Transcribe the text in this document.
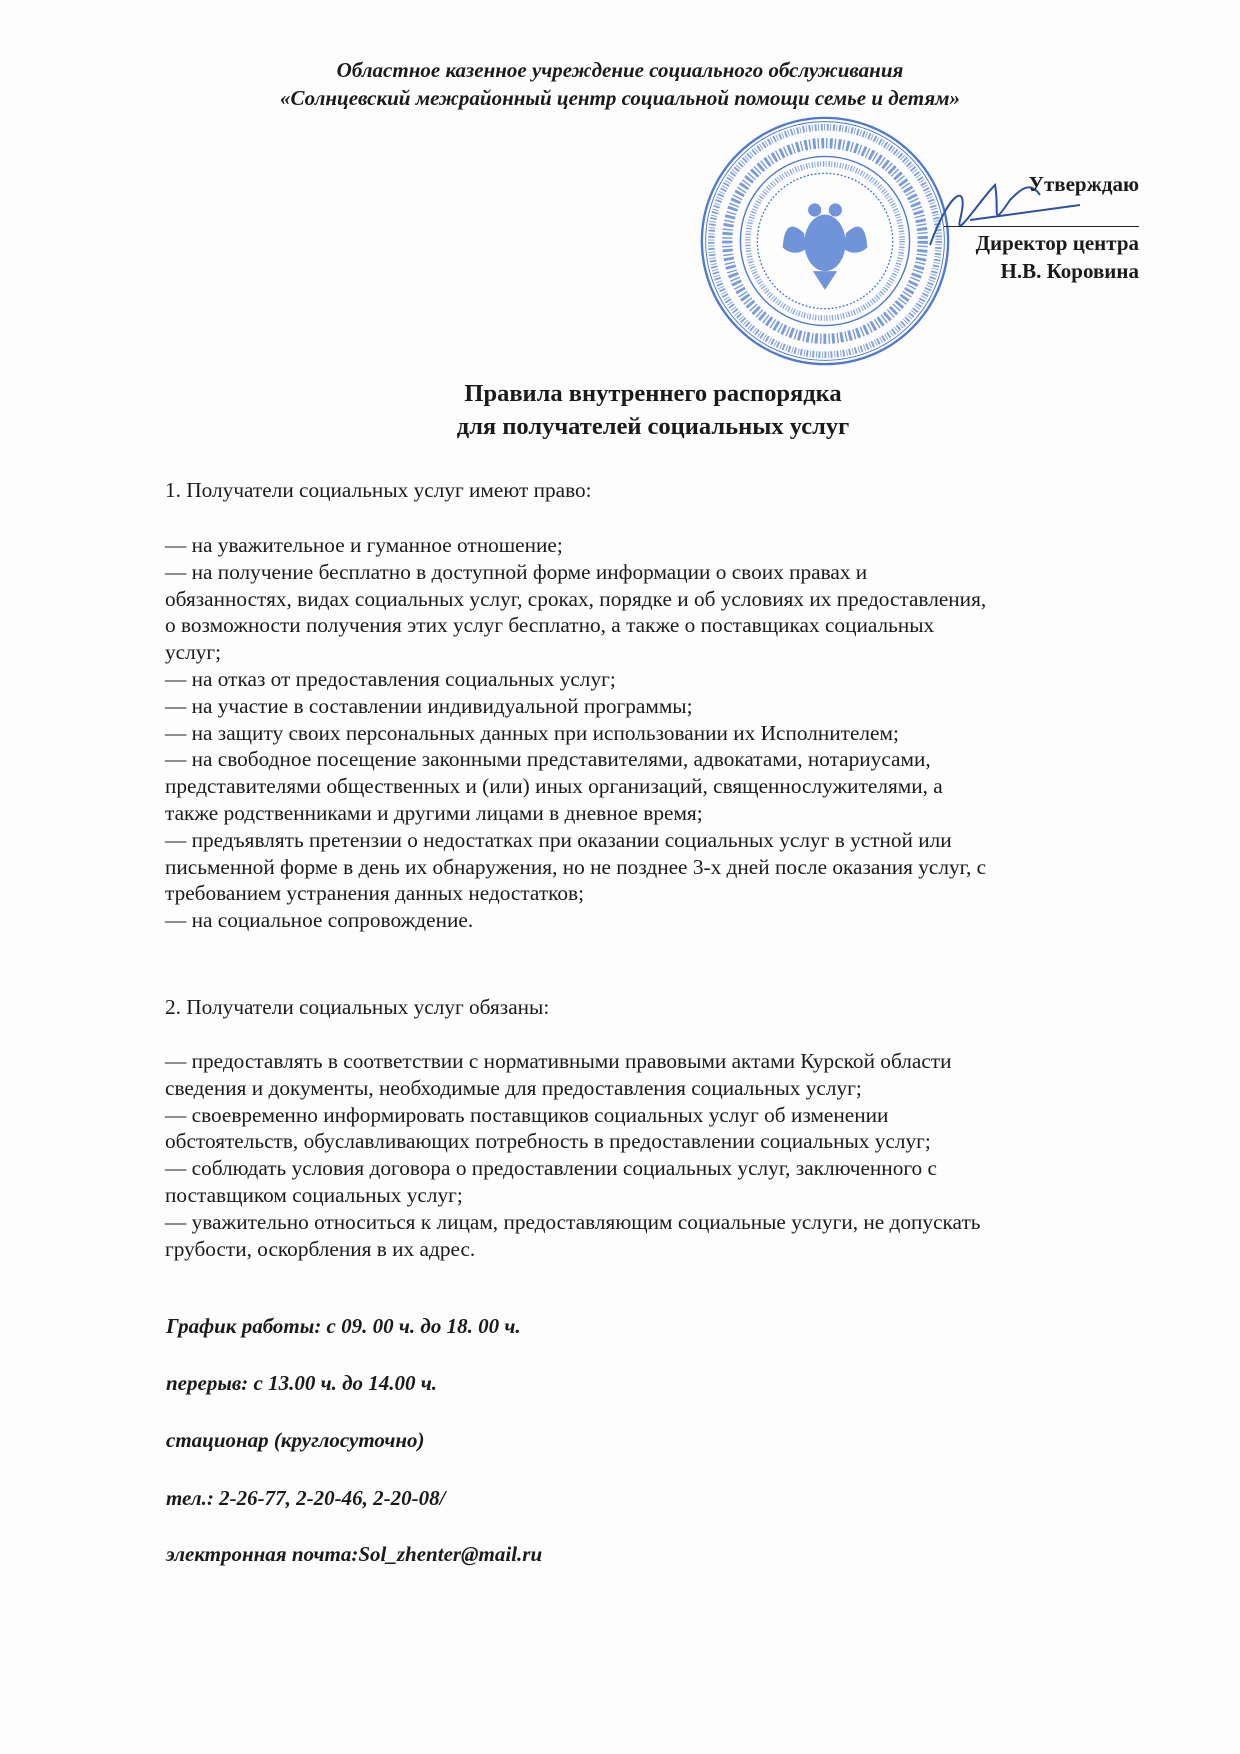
Областное казенное учреждение социального обслуживания
«Солнцевский межрайонный центр социальной помощи семье и детям»
Утверждаю
Директор центра
Н.В. Коровина
Правила внутреннего распорядка
для получателей социальных услуг
1. Получатели социальных услуг имеют право:
— на уважительное и гуманное отношение;
— на получение бесплатно в доступной форме информации о своих правах и
обязанностях, видах социальных услуг, сроках, порядке и об условиях их предоставления,
о возможности получения этих услуг бесплатно, а также о поставщиках социальных
услуг;
— на отказ от предоставления социальных услуг;
— на участие в составлении индивидуальной программы;
— на защиту своих персональных данных при использовании их Исполнителем;
— на свободное посещение законными представителями, адвокатами, нотариусами,
представителями общественных и (или) иных организаций, священнослужителями, а
также родственниками и другими лицами в дневное время;
— предъявлять претензии о недостатках при оказании социальных услуг в устной или
письменной форме в день их обнаружения, но не позднее 3-х дней после оказания услуг, с
требованием устранения данных недостатков;
— на социальное сопровождение.
2. Получатели социальных услуг обязаны:
— предоставлять в соответствии с нормативными правовыми актами Курской области
сведения и документы, необходимые для предоставления социальных услуг;
— своевременно информировать поставщиков социальных услуг об изменении
обстоятельств, обуславливающих потребность в предоставлении социальных услуг;
— соблюдать условия договора о предоставлении социальных услуг, заключенного с
поставщиком социальных услуг;
— уважительно относиться к лицам, предоставляющим социальные услуги, не допускать
грубости, оскорбления в их адрес.
График работы: с 09. 00 ч. до 18. 00 ч.
перерыв: с 13.00 ч. до 14.00 ч.
стационар (круглосуточно)
тел.: 2-26-77, 2-20-46, 2-20-08/
электронная почта:Sol_zhenter@mail.ru
